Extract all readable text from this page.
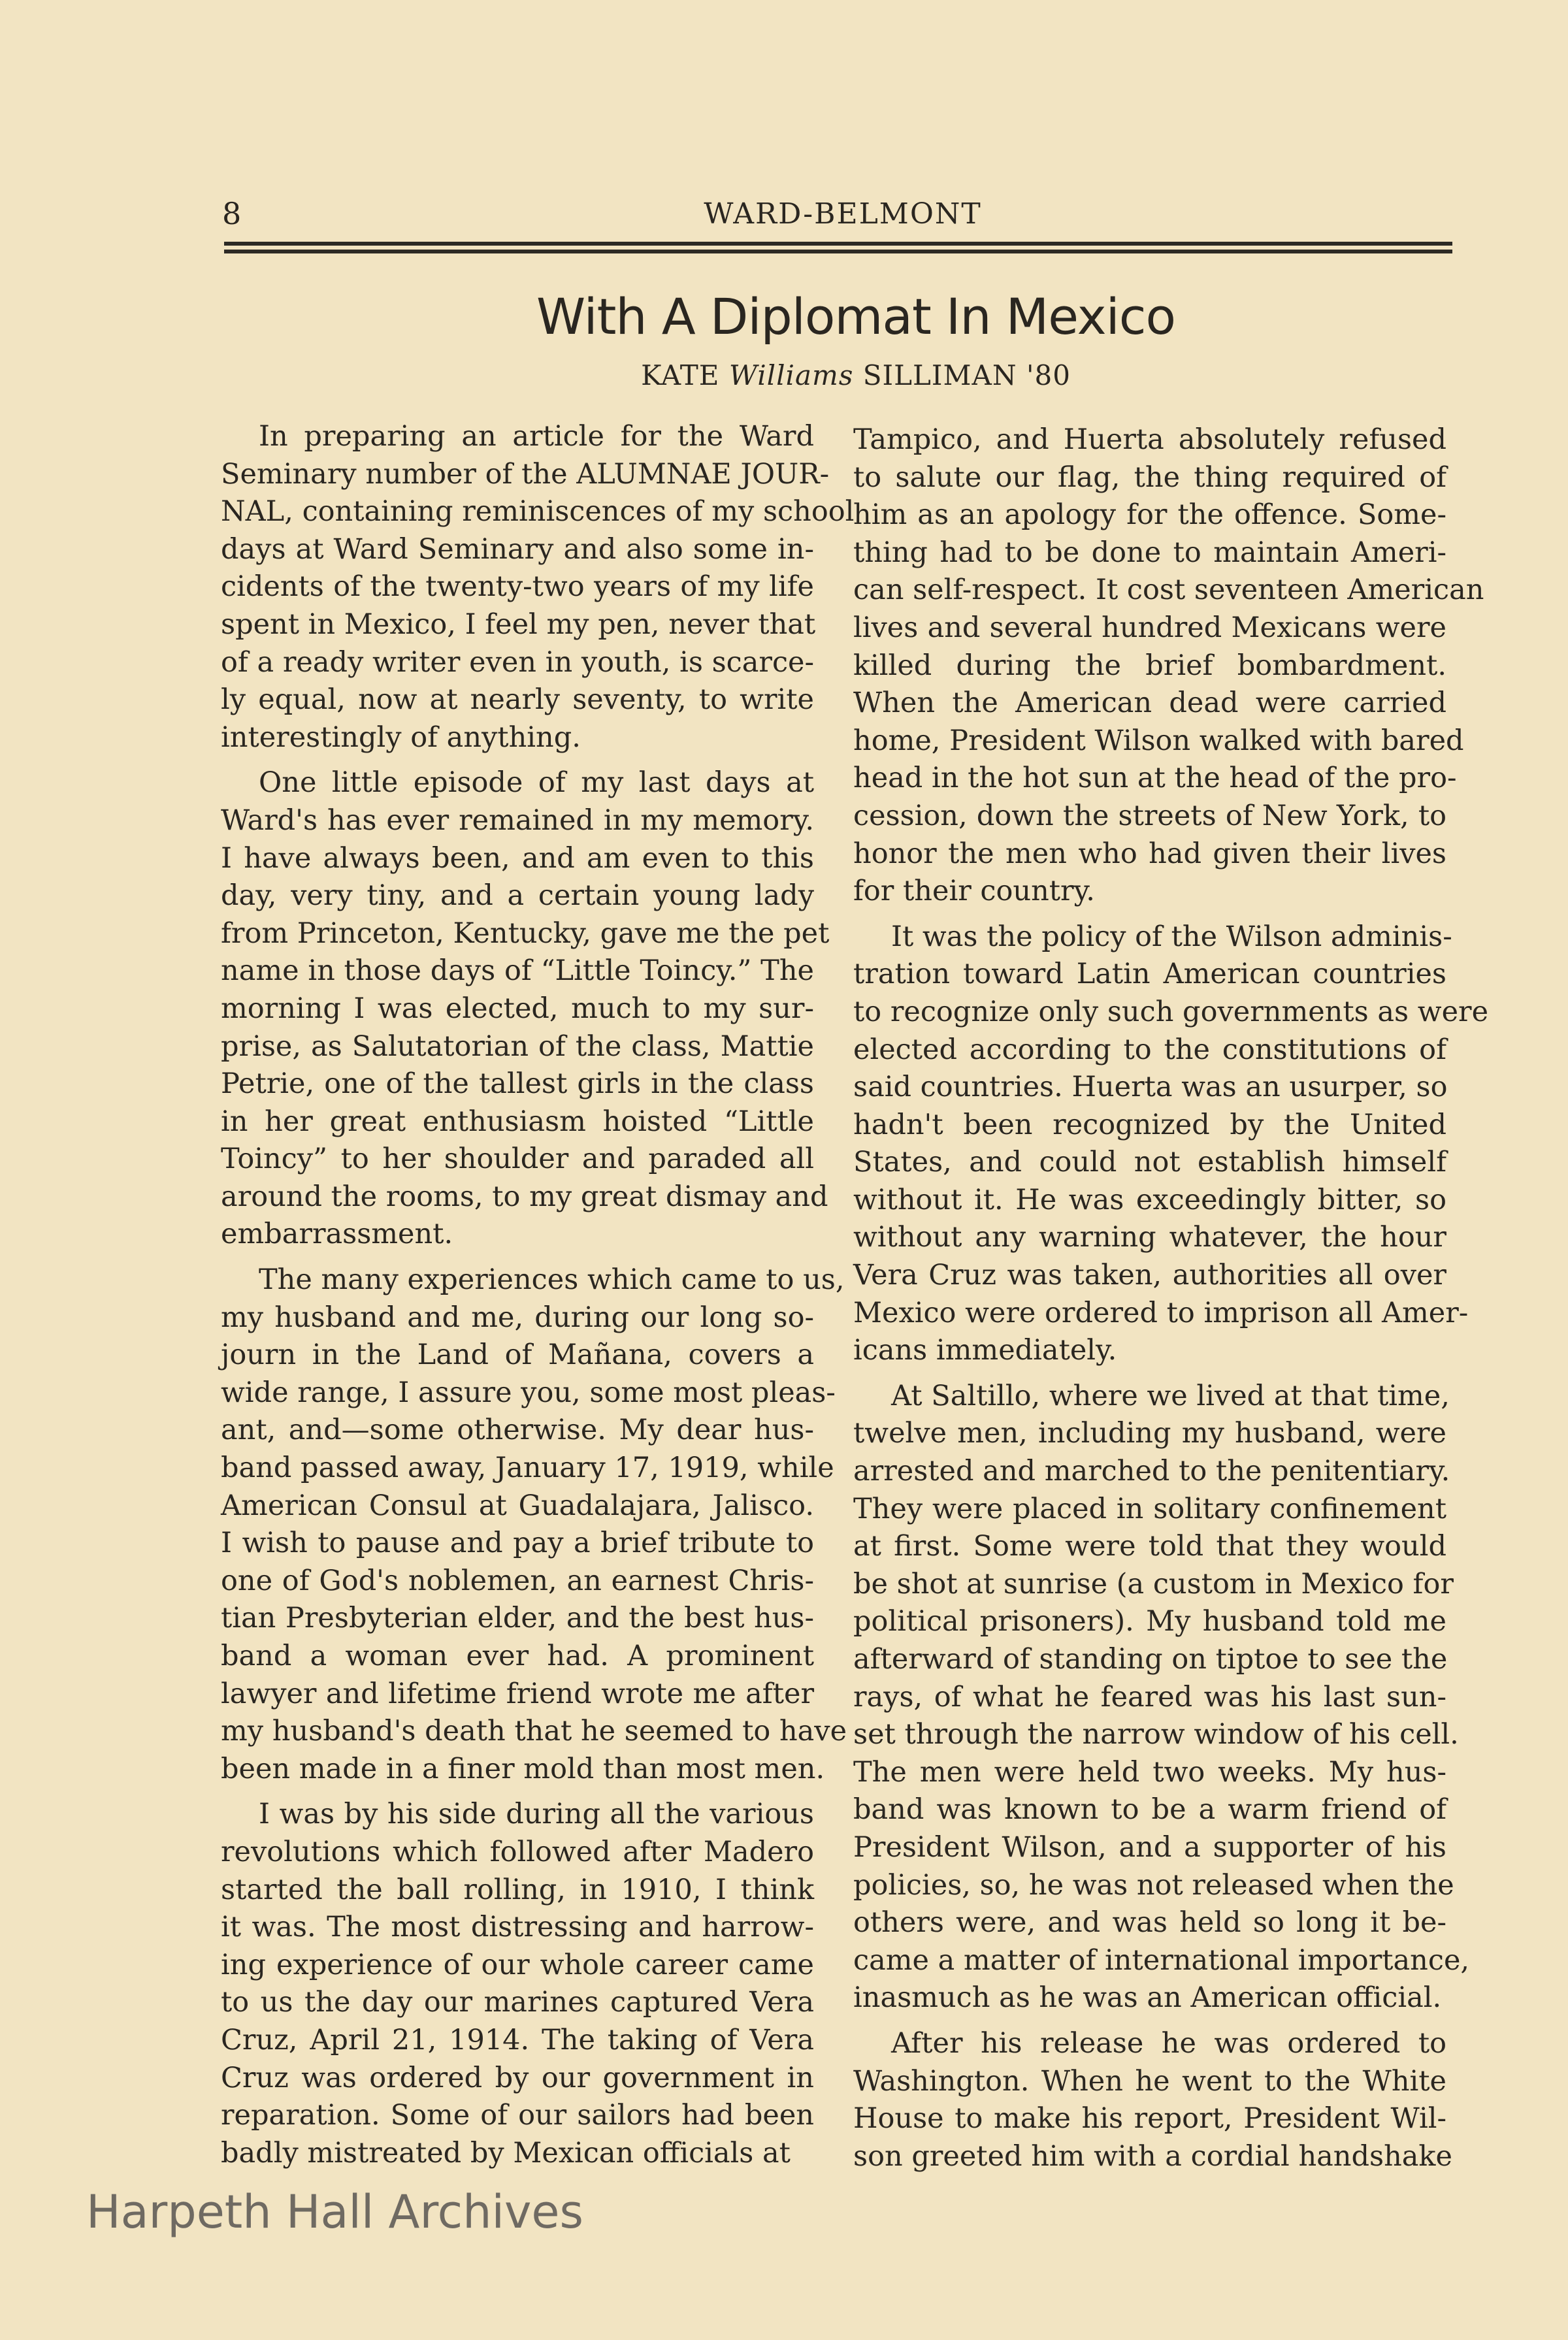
8	WARD-BELMONT
With A Diplomat In Mexico
KATE Williams SILLIMAN '80
In preparing an article for the Ward
Seminary number of the ALUMNAE JOUR-
NAL, containing reminiscences of my school
days at Ward Seminary and also some in-
cidents of the twenty-two years of my life
spent in Mexico, I feel my pen, never that
of a ready writer even in youth, is scarce-
ly equal, now at nearly seventy, to write
interestingly of anything.
One little episode of my last days at
Ward's has ever remained in my memory.
I have always been, and am even to this
day, very tiny, and a certain young lady
from Princeton, Kentucky, gave me the pet
name in those days of “Little Toincy.” The
morning I was elected, much to my sur-
prise, as Salutatorian of the class, Mattie
Petrie, one of the tallest girls in the class
in her great enthusiasm hoisted “Little
Toincy” to her shoulder and paraded all
around the rooms, to my great dismay and
embarrassment.
The many experiences which came to us,
my husband and me, during our long so-
journ in the Land of Mañana, covers a
wide range, I assure you, some most pleas-
ant, and—some otherwise. My dear hus-
band passed away, January 17, 1919, while
American Consul at Guadalajara, Jalisco.
I wish to pause and pay a brief tribute to
one of God's noblemen, an earnest Chris-
tian Presbyterian elder, and the best hus-
band a woman ever had. A prominent
lawyer and lifetime friend wrote me after
my husband's death that he seemed to have
been made in a finer mold than most men.
I was by his side during all the various
revolutions which followed after Madero
started the ball rolling, in 1910, I think
it was. The most distressing and harrow-
ing experience of our whole career came
to us the day our marines captured Vera
Cruz, April 21, 1914. The taking of Vera
Cruz was ordered by our government in
reparation. Some of our sailors had been
badly mistreated by Mexican officials at
Tampico, and Huerta absolutely refused
to salute our flag, the thing required of
him as an apology for the offence. Some-
thing had to be done to maintain Ameri-
can self-respect. It cost seventeen American
lives and several hundred Mexicans were
killed during the brief bombardment.
When the American dead were carried
home, President Wilson walked with bared
head in the hot sun at the head of the pro-
cession, down the streets of New York, to
honor the men who had given their lives
for their country.
It was the policy of the Wilson adminis-
tration toward Latin American countries
to recognize only such governments as were
elected according to the constitutions of
said countries. Huerta was an usurper, so
hadn't been recognized by the United
States, and could not establish himself
without it. He was exceedingly bitter, so
without any warning whatever, the hour
Vera Cruz was taken, authorities all over
Mexico were ordered to imprison all Amer-
icans immediately.
At Saltillo, where we lived at that time,
twelve men, including my husband, were
arrested and marched to the penitentiary.
They were placed in solitary confinement
at first. Some were told that they would
be shot at sunrise (a custom in Mexico for
political prisoners). My husband told me
afterward of standing on tiptoe to see the
rays, of what he feared was his last sun-
set through the narrow window of his cell.
The men were held two weeks. My hus-
band was known to be a warm friend of
President Wilson, and a supporter of his
policies, so, he was not released when the
others were, and was held so long it be-
came a matter of international importance,
inasmuch as he was an American official.
After his release he was ordered to
Washington. When he went to the White
House to make his report, President Wil-
son greeted him with a cordial handshake
Harpeth Hall Archives
